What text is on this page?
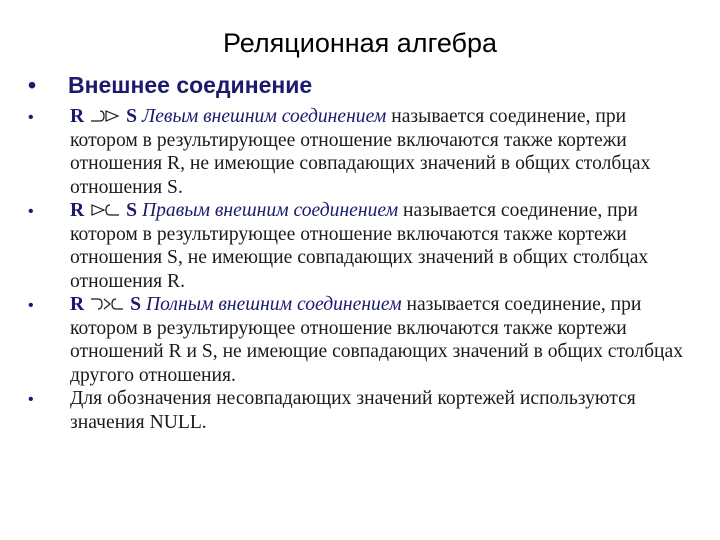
Реляционная алгебра
•	Внешнее соединение
•	R S Левым внешним соединением называется соединение, при котором в результирующее отношение включаются также кортежи отношения R, не имеющие совпадающих значений в общих столбцах отношения S.
•	R S Правым внешним соединением называется соединение, при котором в результирующее отношение включаются также кортежи отношения S, не имеющие совпадающих значений в общих столбцах отношения R.
•	R S Полным внешним соединением называется соединение, при котором в результирующее отношение включаются также кортежи отношений R и S, не имеющие совпадающих значений в общих столбцах другого отношения.
•	Для обозначения несовпадающих значений кортежей используются значения NULL.
